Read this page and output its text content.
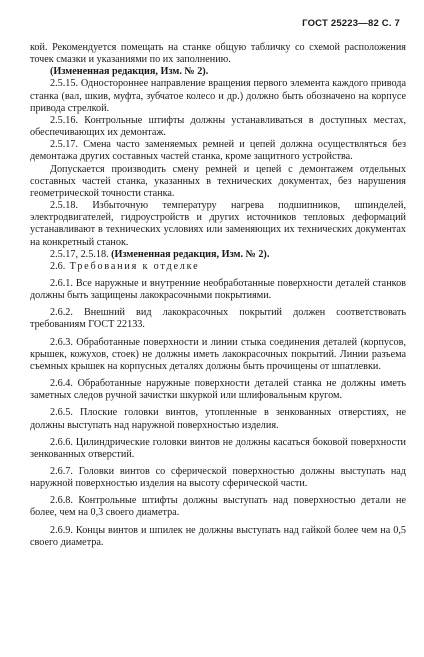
ГОСТ 25223—82 С. 7

кой. Рекомендуется помещать на станке общую табличку со схемой расположения точек смазки и указаниями по их заполнению.

(Измененная редакция, Изм. № 2).

2.5.15. Одностороннее направление вращения первого элемента каждого привода станка (вал, шкив, муфта, зубчатое колесо и др.) должно быть обозначено на корпусе привода стрелкой.

2.5.16. Контрольные штифты должны устанавливаться в доступных местах, обеспечивающих их демонтаж.

2.5.17. Смена часто заменяемых ремней и цепей должна осуществляться без демонтажа других составных частей станка, кроме защитного устройства.

Допускается производить смену ремней и цепей с демонтажем отдельных составных частей станка, указанных в технических документах, без нарушения геометрической точности станка.

2.5.18. Избыточную температуру нагрева подшипников, шпинделей, электродвигателей, гидроустройств и других источников тепловых деформаций устанавливают в технических условиях или заменяющих их технических документах на конкретный станок.

2.5.17, 2.5.18. (Измененная редакция, Изм. № 2).

2.6. Требования к отделке

2.6.1. Все наружные и внутренние необработанные поверхности деталей станков должны быть защищены лакокрасочными покрытиями.

2.6.2. Внешний вид лакокрасочных покрытий должен соответствовать требованиям ГОСТ 22133.

2.6.3. Обработанные поверхности и линии стыка соединения деталей (корпусов, крышек, кожухов, стоек) не должны иметь лакокрасочных покрытий. Линии разъема съемных крышек на корпусных деталях должны быть прочищены от шпатлевки.

2.6.4. Обработанные наружные поверхности деталей станка не должны иметь заметных следов ручной зачистки шкуркой или шлифовальным кругом.

2.6.5. Плоские головки винтов, утопленные в зенкованных отверстиях, не должны выступать над наружной поверхностью изделия.

2.6.6. Цилиндрические головки винтов не должны касаться боковой поверхности зенкованных отверстий.

2.6.7. Головки винтов со сферической поверхностью должны выступать над наружной поверхностью изделия на высоту сферической части.

2.6.8. Контрольные штифты должны выступать над поверхностью детали не более, чем на 0,3 своего диаметра.

2.6.9. Концы винтов и шпилек не должны выступать над гайкой более чем на 0,5 своего диаметра.
